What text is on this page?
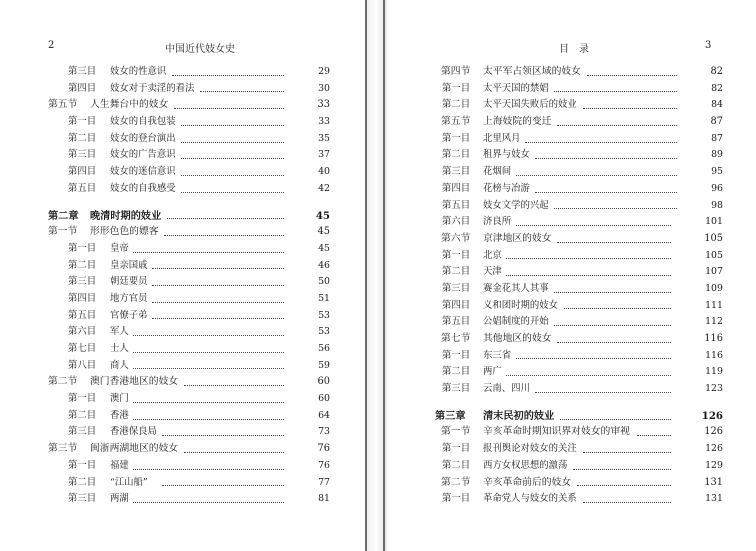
2	中国近代妓女史
第三目 妓女的性意识	29
第四目 妓女对于卖淫的看法	30
第五节 人生舞台中的妓女	33
第一目 妓女的自我包装	33
第二目 妓女的登台演出	35
第三目 妓女的广告意识	37
第四目 妓女的迷信意识	40
第五目 妓女的自我感受	42
第二章 晚清时期的妓业	45
第一节 形形色色的嫖客	45
第一目 皇帝	45
第二目 皇亲国戚	46
第三目 朝廷要员	50
第四目 地方官员	51
第五目 官僚子弟	53
第六目 军人	53
第七目 士人	56
第八目 商人	59
第二节 澳门香港地区的妓女	60
第一目 澳门	60
第二目 香港	64
第三目 香港保良局	73
第三节 闽浙两湖地区的妓女	76
第一目 福建	76
第二目 “江山船”	77
第三目 两湖	81
目　录	3
第四节 太平军占领区域的妓女	82
第一目 太平天国的禁娼	82
第二目 太平天国失败后的妓业	84
第五节 上海妓院的变迁	87
第一目 北里风月	87
第二目 租界与妓女	89
第三目 花烟间	95
第四目 花榜与冶游	96
第五目 妓女文学的兴起	98
第六目 济良所	101
第六节 京津地区的妓女	105
第一目 北京	105
第二目 天津	107
第三目 赛金花其人其事	109
第四目 义和团时期的妓女	111
第五目 公娼制度的开始	112
第七节 其他地区的妓女	116
第一目 东三省	116
第二目 两广	119
第三目 云南、四川	123
第三章 清末民初的妓业	126
第一节 辛亥革命时期知识界对妓女的审视	126
第一目 报刊舆论对妓女的关注	126
第二目 西方女权思想的激荡	129
第二节 辛亥革命前后的妓女	131
第一目 革命党人与妓女的关系	131
